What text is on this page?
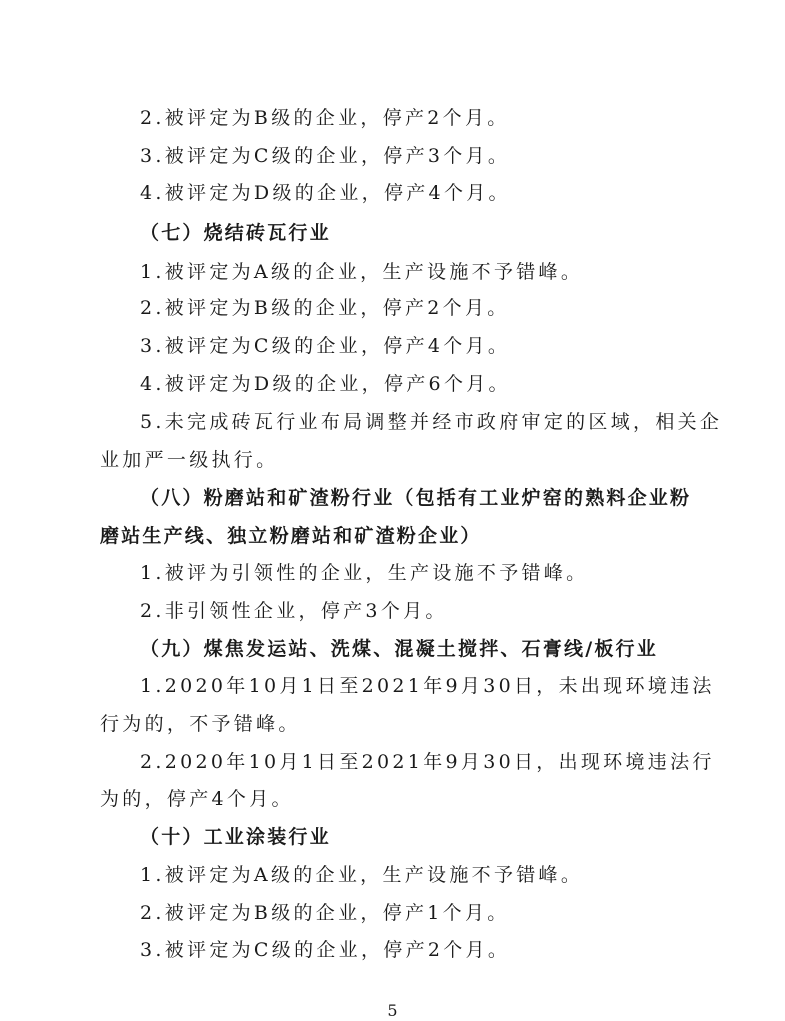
2.被评定为B级的企业，停产2个月。
3.被评定为C级的企业，停产3个月。
4.被评定为D级的企业，停产4个月。
（七）烧结砖瓦行业
1.被评定为A级的企业，生产设施不予错峰。
2.被评定为B级的企业，停产2个月。
3.被评定为C级的企业，停产4个月。
4.被评定为D级的企业，停产6个月。
5.未完成砖瓦行业布局调整并经市政府审定的区域，相关企
业加严一级执行。
（八）粉磨站和矿渣粉行业（包括有工业炉窑的熟料企业粉
磨站生产线、独立粉磨站和矿渣粉企业）
1.被评为引领性的企业，生产设施不予错峰。
2.非引领性企业，停产3个月。
（九）煤焦发运站、洗煤、混凝土搅拌、石膏线/板行业
1.2020年10月1日至2021年9月30日，未出现环境违法
行为的，不予错峰。
2.2020年10月1日至2021年9月30日，出现环境违法行
为的，停产4个月。
（十）工业涂装行业
1.被评定为A级的企业，生产设施不予错峰。
2.被评定为B级的企业，停产1个月。
3.被评定为C级的企业，停产2个月。
5
